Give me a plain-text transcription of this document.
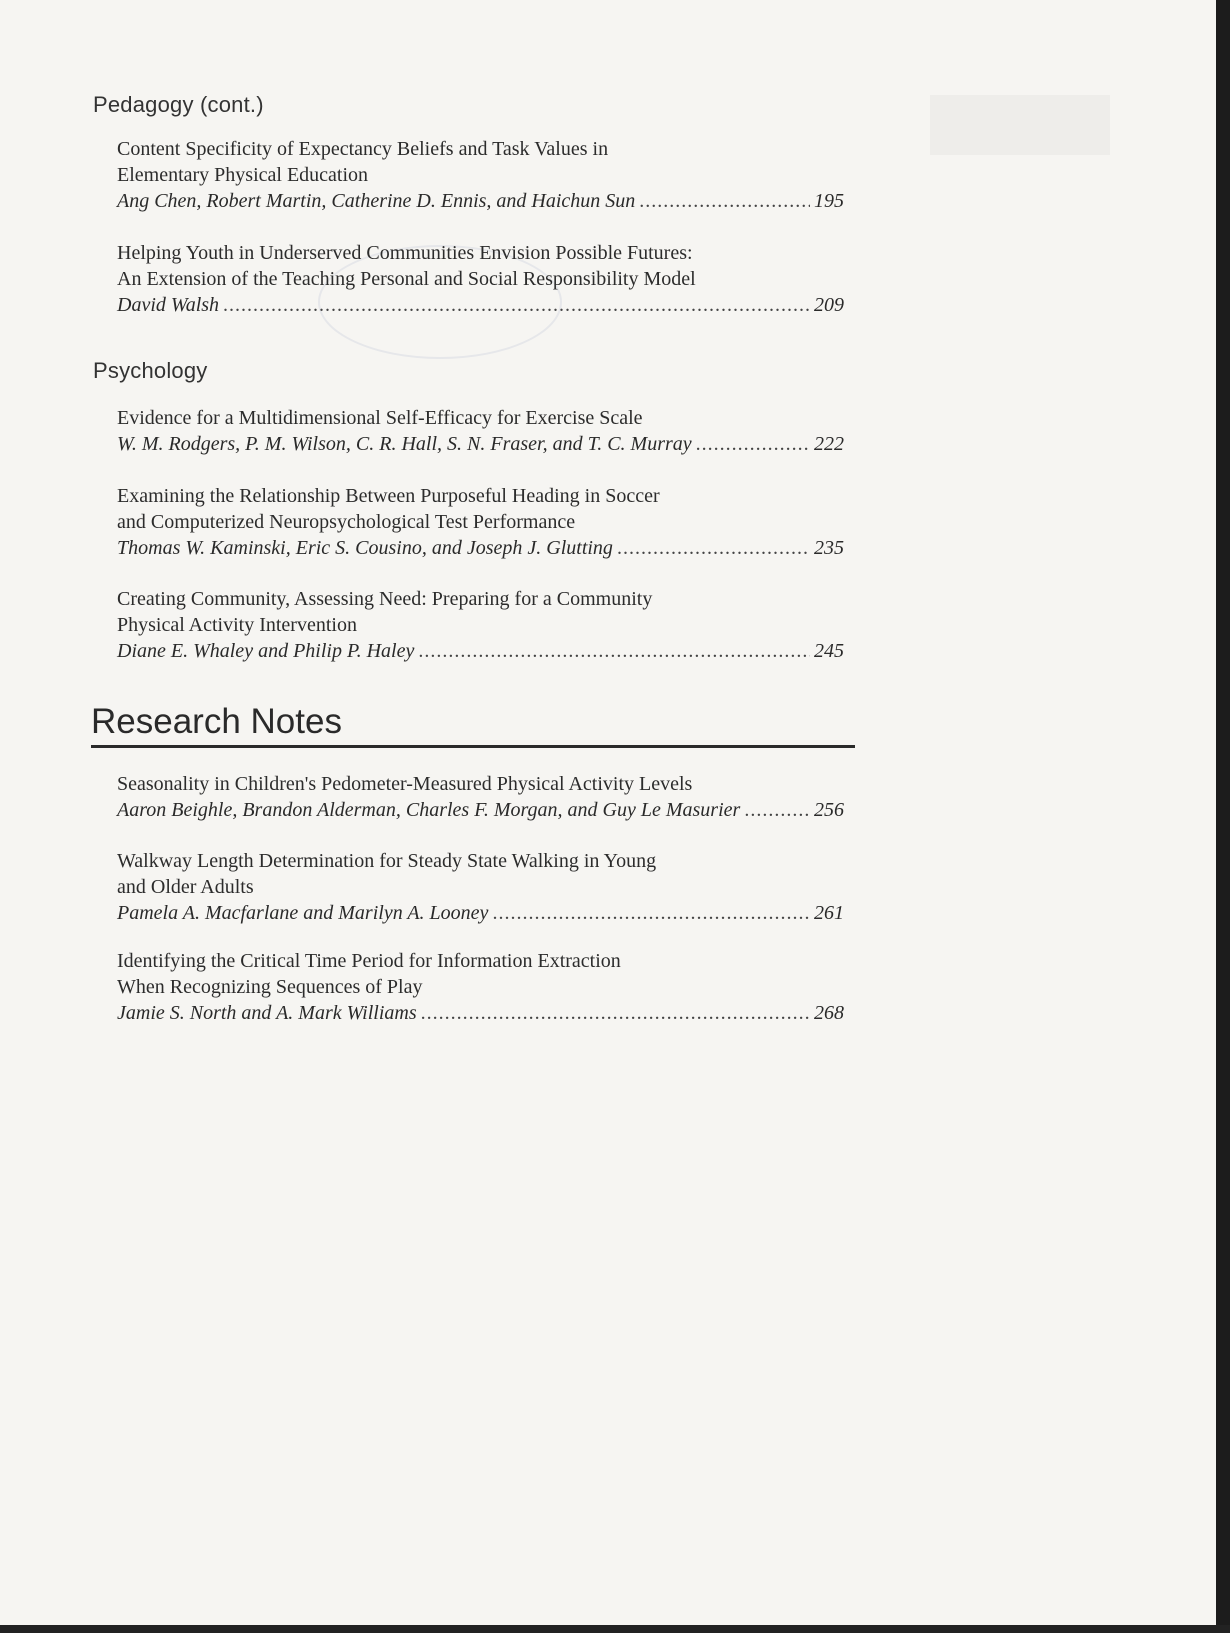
Pedagogy (cont.)
Content Specificity of Expectancy Beliefs and Task Values in
Elementary Physical Education
Ang Chen, Robert Martin, Catherine D. Ennis, and Haichun Sun .....	195
Helping Youth in Underserved Communities Envision Possible Futures:
An Extension of the Teaching Personal and Social Responsibility Model
David Walsh .....	209
Psychology
Evidence for a Multidimensional Self-Efficacy for Exercise Scale
W. M. Rodgers, P. M. Wilson, C. R. Hall, S. N. Fraser, and T. C. Murray .....	222
Examining the Relationship Between Purposeful Heading in Soccer
and Computerized Neuropsychological Test Performance
Thomas W. Kaminski, Eric S. Cousino, and Joseph J. Glutting .....	235
Creating Community, Assessing Need: Preparing for a Community
Physical Activity Intervention
Diane E. Whaley and Philip P. Haley .....	245
Research Notes
Seasonality in Children's Pedometer-Measured Physical Activity Levels
Aaron Beighle, Brandon Alderman, Charles F. Morgan, and Guy Le Masurier .....	256
Walkway Length Determination for Steady State Walking in Young
and Older Adults
Pamela A. Macfarlane and Marilyn A. Looney .....	261
Identifying the Critical Time Period for Information Extraction
When Recognizing Sequences of Play
Jamie S. North and A. Mark Williams .....	268
